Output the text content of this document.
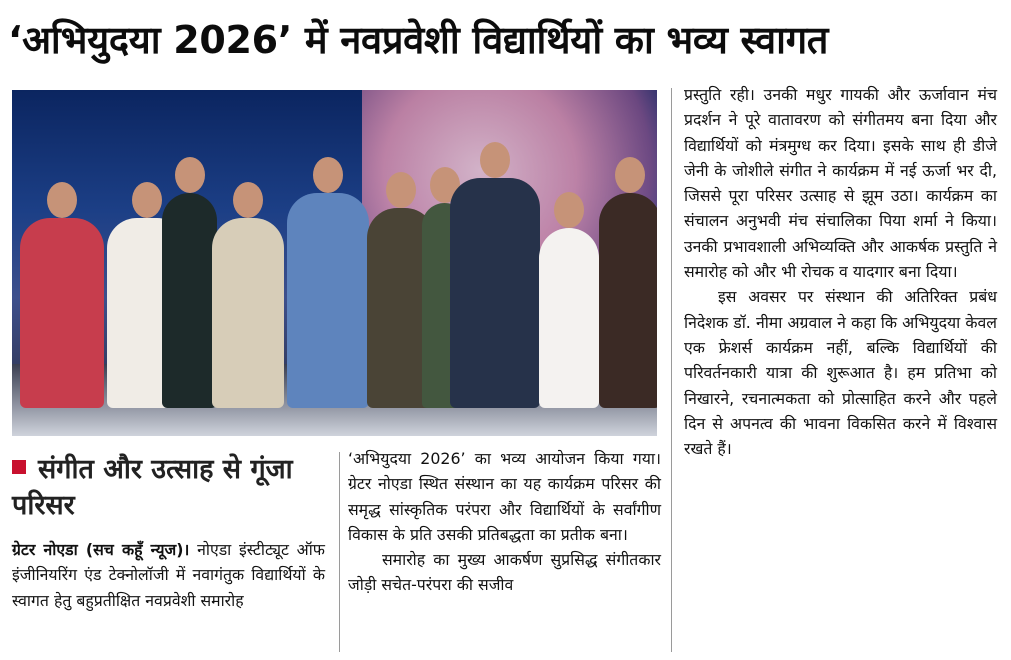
‘अभियुदया 2026’ में नवप्रवेशी विद्यार्थियों का भव्य स्वागत
संगीत और उत्साह से गूंजा परिसर

ग्रेटर नोएडा (सच कहूँ न्यूज)। नोएडा इंस्टीट्यूट ऑफ इंजीनियरिंग एंड टेक्नोलॉजी में नवागंतुक विद्यार्थियों के स्वागत हेतु बहुप्रतीक्षित नवप्रवेशी समारोह

‘अभियुदया 2026’ का भव्य आयोजन किया गया। ग्रेटर नोएडा स्थित संस्थान का यह कार्यक्रम परिसर की समृद्ध सांस्कृतिक परंपरा और विद्यार्थियों के सर्वांगीण विकास के प्रति उसकी प्रतिबद्धता का प्रतीक बना।

समारोह का मुख्य आकर्षण सुप्रसिद्ध संगीतकार जोड़ी सचेत-परंपरा की सजीव

प्रस्तुति रही। उनकी मधुर गायकी और ऊर्जावान मंच प्रदर्शन ने पूरे वातावरण को संगीतमय बना दिया और विद्यार्थियों को मंत्रमुग्ध कर दिया। इसके साथ ही डीजे जेनी के जोशीले संगीत ने कार्यक्रम में नई ऊर्जा भर दी, जिससे पूरा परिसर उत्साह से झूम उठा। कार्यक्रम का संचालन अनुभवी मंच संचालिका पिया शर्मा ने किया। उनकी प्रभावशाली अभिव्यक्ति और आकर्षक प्रस्तुति ने समारोह को और भी रोचक व यादगार बना दिया।

इस अवसर पर संस्थान की अतिरिक्त प्रबंध निदेशक डॉ. नीमा अग्रवाल ने कहा कि अभियुदया केवल एक फ्रेशर्स कार्यक्रम नहीं, बल्कि विद्यार्थियों की परिवर्तनकारी यात्रा की शुरूआत है। हम प्रतिभा को निखारने, रचनात्मकता को प्रोत्साहित करने और पहले दिन से अपनत्व की भावना विकसित करने में विश्वास रखते हैं।
